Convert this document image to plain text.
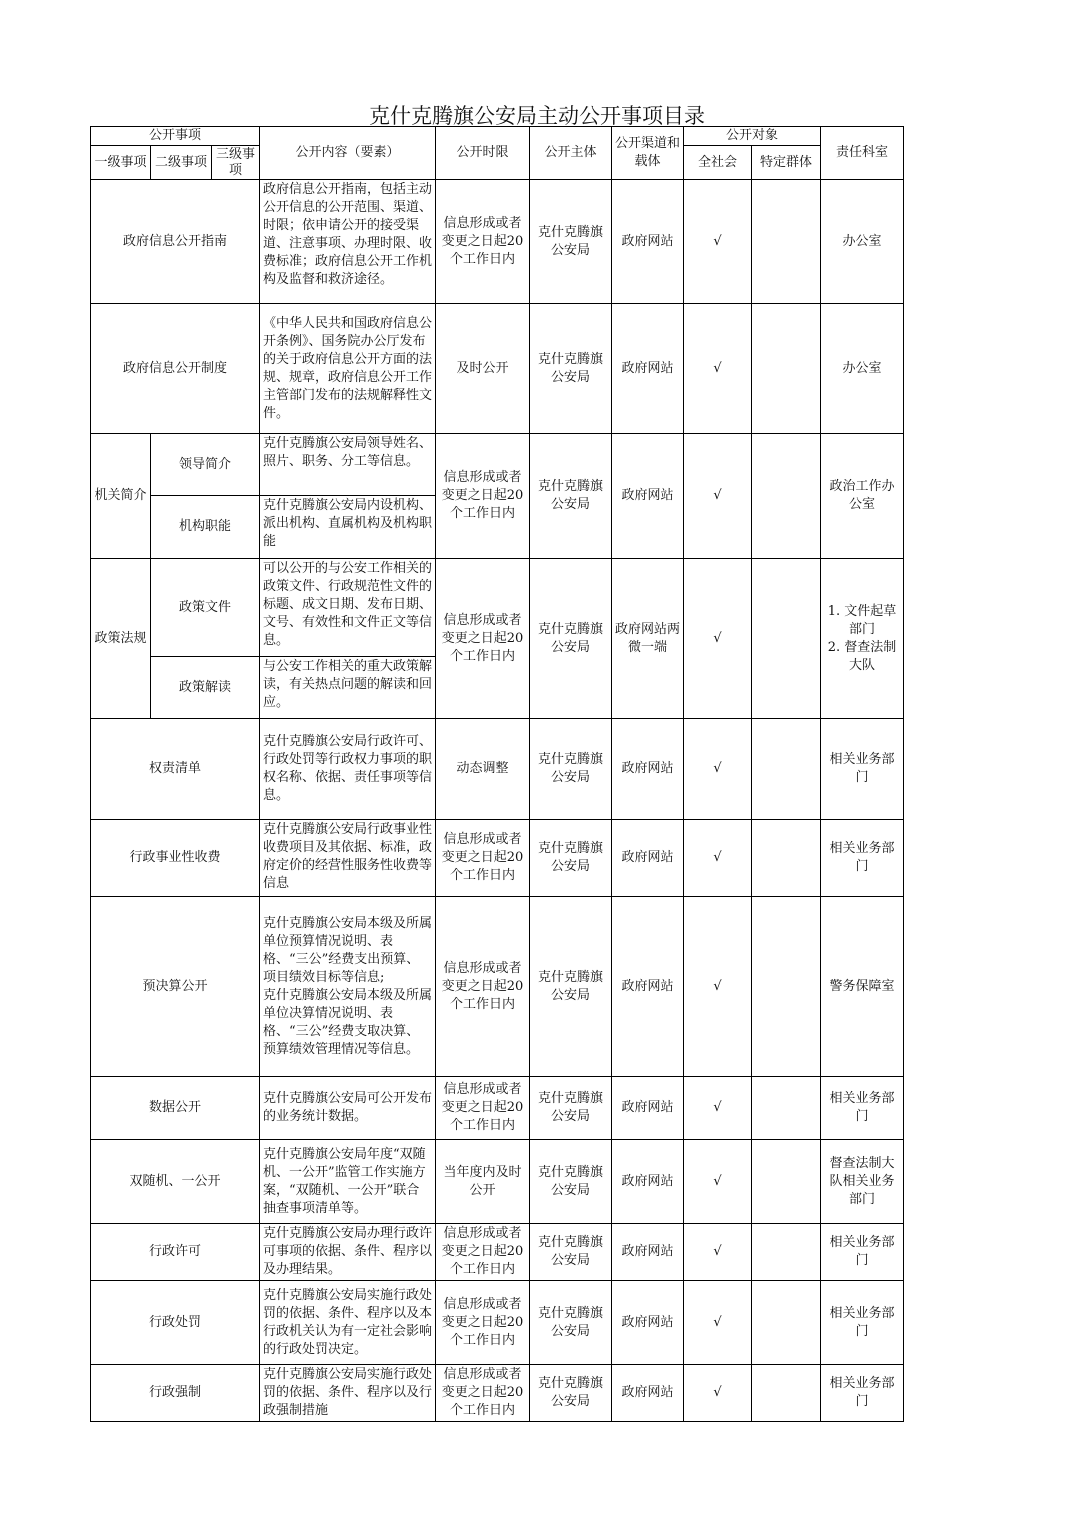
克什克腾旗公安局主动公开事项目录
公开事项			公开内容（要素）	公开时限	公开主体	公开渠道和载体	公开对象		责任科室
一级事项	二级事项	三级事项					全社会	特定群体	
政府信息公开指南			政府信息公开指南，包括主动公开信息的公开范围、渠道、时限；依申请公开的接受渠道、注意事项、办理时限、收费标准；政府信息公开工作机构及监督和救济途径。	信息形成或者变更之日起20个工作日内	克什克腾旗公安局	政府网站	√		办公室
政府信息公开制度			《中华人民共和国政府信息公开条例》、国务院办公厅发布的关于政府信息公开方面的法规、规章，政府信息公开工作主管部门发布的法规解释性文件。	及时公开	克什克腾旗公安局	政府网站	√		办公室
机关简介	领导简介		克什克腾旗公安局领导姓名、照片、职务、分工等信息。	信息形成或者变更之日起20个工作日内	克什克腾旗公安局	政府网站	√		政治工作办公室
	机构职能		克什克腾旗公安局内设机构、派出机构、直属机构及机构职能						
政策法规	政策文件		可以公开的与公安工作相关的政策文件、行政规范性文件的标题、成文日期、发布日期、文号、有效性和文件正文等信息。	信息形成或者变更之日起20个工作日内	克什克腾旗公安局	政府网站两微一端	√		1. 文件起草部门
2. 督查法制大队
	政策解读		与公安工作相关的重大政策解读，有关热点问题的解读和回应。						
权责清单			克什克腾旗公安局行政许可、行政处罚等行政权力事项的职权名称、依据、责任事项等信息。	动态调整	克什克腾旗公安局	政府网站	√		相关业务部门
行政事业性收费			克什克腾旗公安局行政事业性收费项目及其依据、标准，政府定价的经营性服务性收费等信息	信息形成或者变更之日起20个工作日内	克什克腾旗公安局	政府网站	√		相关业务部门
预决算公开			克什克腾旗公安局本级及所属单位预算情况说明、表格、“三公”经费支出预算、项目绩效目标等信息;
克什克腾旗公安局本级及所属单位决算情况说明、表格、“三公”经费支取决算、预算绩效管理情况等信息。	信息形成或者变更之日起20个工作日内	克什克腾旗公安局	政府网站	√		警务保障室
数据公开			克什克腾旗公安局可公开发布的业务统计数据。	信息形成或者变更之日起20个工作日内	克什克腾旗公安局	政府网站	√		相关业务部门
双随机、一公开			克什克腾旗公安局年度“双随机、一公开”监管工作实施方案，“双随机、一公开”联合抽查事项清单等。	当年度内及时公开	克什克腾旗公安局	政府网站	√		督查法制大队相关业务部门
行政许可			克什克腾旗公安局办理行政许可事项的依据、条件、程序以及办理结果。	信息形成或者变更之日起20个工作日内	克什克腾旗公安局	政府网站	√		相关业务部门
行政处罚			克什克腾旗公安局实施行政处罚的依据、条件、程序以及本行政机关认为有一定社会影响的行政处罚决定。	信息形成或者变更之日起20个工作日内	克什克腾旗公安局	政府网站	√		相关业务部门
行政强制			克什克腾旗公安局实施行政处罚的依据、条件、程序以及行政强制措施	信息形成或者变更之日起20个工作日内	克什克腾旗公安局	政府网站	√		相关业务部门
